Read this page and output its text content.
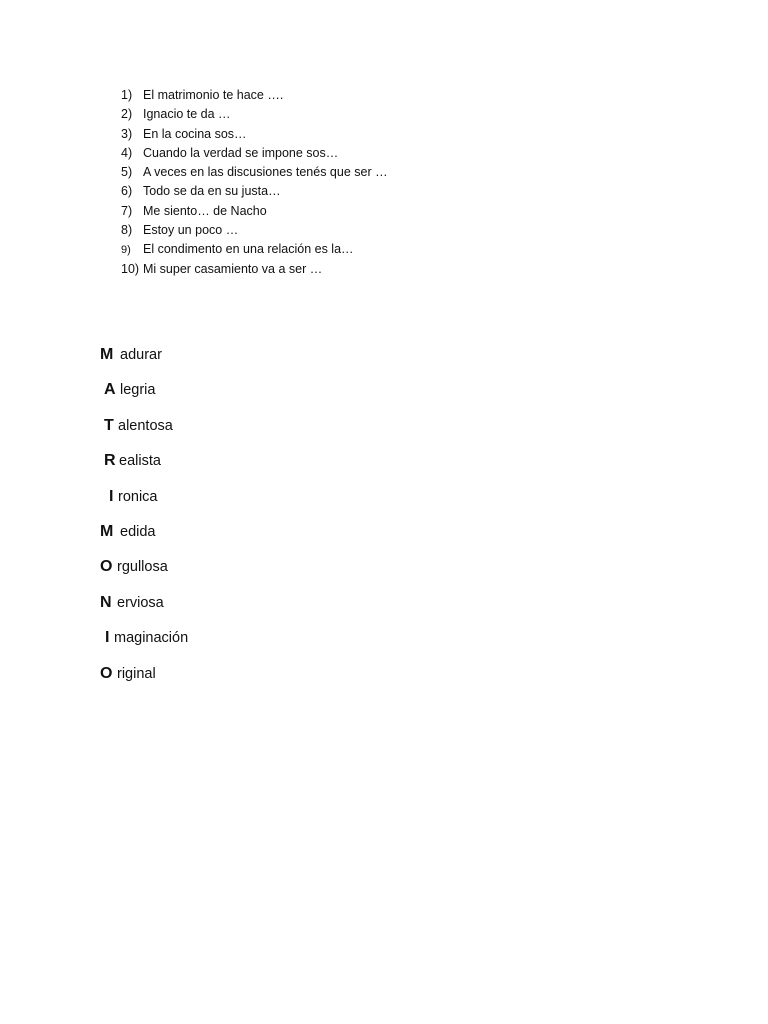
1) El matrimonio te hace ….
2) Ignacio te da …
3) En la cocina sos…
4) Cuando la verdad se impone sos…
5) A veces en las discusiones tenés que ser …
6) Todo se da en su justa…
7) Me siento… de Nacho
8) Estoy un poco …
9) El condimento en una relación es la…
10) Mi super casamiento va a ser …
M adurar
A legria
T alentosa
R ealista
I ronica
M edida
O rgullosa
N erviosa
I maginación
O riginal
